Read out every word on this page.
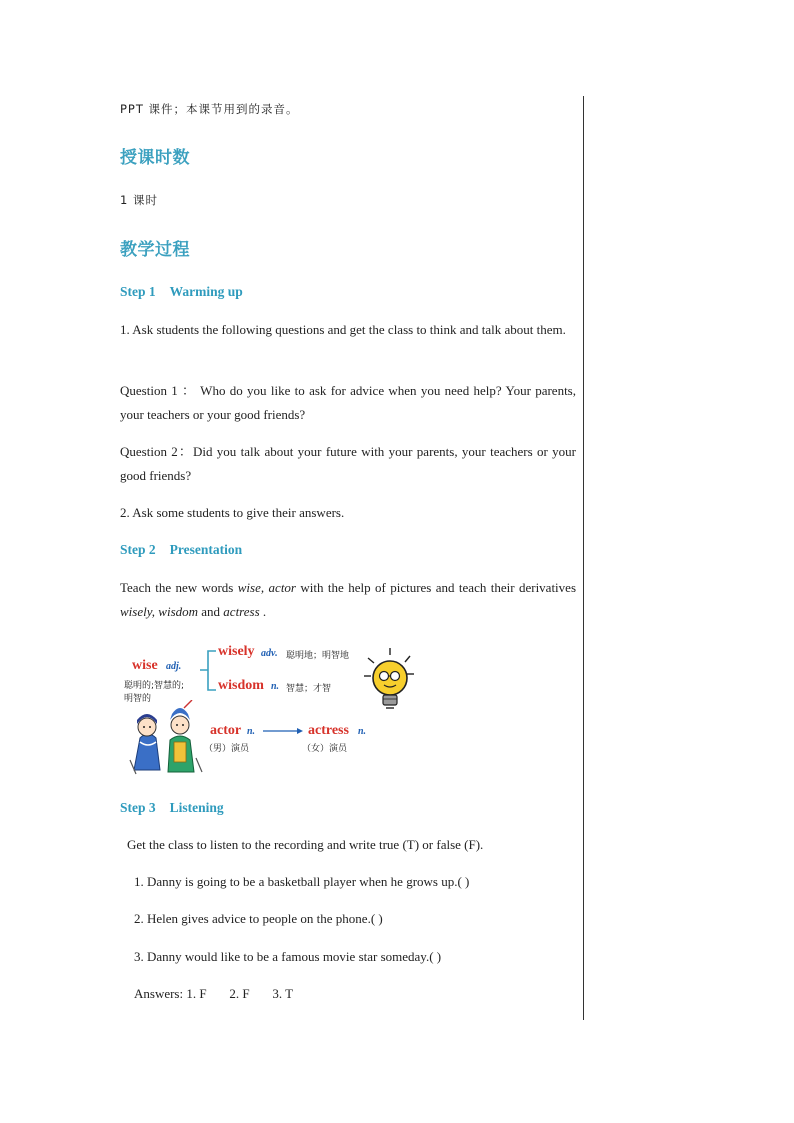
PPT 课件；本课节用到的录音。

授课时数

1 课时

教学过程

Step 1 Warming up

1. Ask students the following questions and get the class to think and talk about them.

Question 1 ： Who do you like to ask for advice when you need help? Your parents, your teachers or your good friends?

Question 2：Did you talk about your future with your parents, your teachers or your good friends?

2. Ask some students to give their answers.

Step 2 Presentation

Teach the new words wise, actor with the help of pictures and teach their derivatives wisely, wisdom and actress .

wise adj.
聪明的;智慧的;
明智的
wisely adv. 聪明地；明智地
wisdom n. 智慧；才智
actor n.
（男）演员
actress n.
（女）演员

Step 3 Listening

Get the class to listen to the recording and write true (T) or false (F).

1. Danny is going to be a basketball player when he grows up.( )

2. Helen gives advice to people on the phone.( )

3. Danny would like to be a famous movie star someday.( )

Answers: 1. F       2. F       3. T
